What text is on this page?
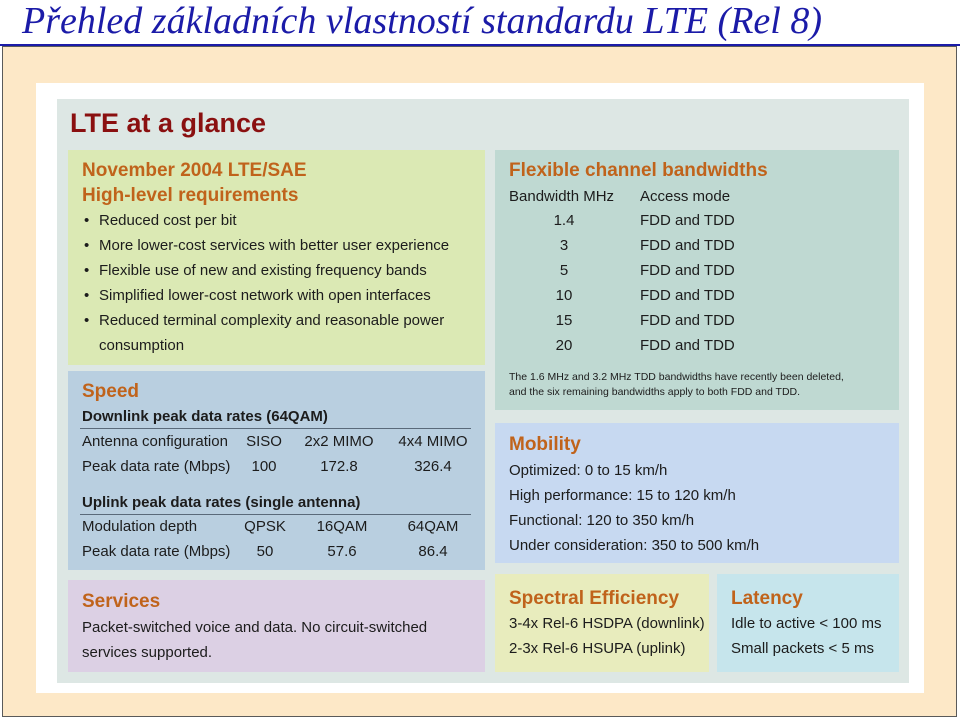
Přehled základních vlastností standardu LTE (Rel 8)
LTE at a glance
November 2004 LTE/SAE
High-level requirements
• Reduced cost per bit
• More lower-cost services with better user experience
• Flexible use of new and existing frequency bands
• Simplified lower-cost network with open interfaces
• Reduced terminal complexity and reasonable power
consumption
Flexible channel bandwidths
Bandwidth MHz Access mode
1.4	FDD and TDD
3	FDD and TDD
5	FDD and TDD
10	FDD and TDD
15	FDD and TDD
20	FDD and TDD
The 1.6 MHz and 3.2 MHz TDD bandwidths have recently been deleted,
and the six remaining bandwidths apply to both FDD and TDD.
Speed
Downlink peak data rates (64QAM)
Antenna configuration SISO	2x2 MIMO	4x4 MIMO
Peak data rate (Mbps)	100	172.8	326.4
Uplink peak data rates (single antenna)
Modulation depth	QPSK	16QAM	64QAM
Peak data rate (Mbps)	50	57.6	86.4
Mobility
Optimized: 0 to 15 km/h
High performance: 15 to 120 km/h
Functional: 120 to 350 km/h
Under consideration: 350 to 500 km/h
Services
Packet-switched voice and data. No circuit-switched
services supported.
Spectral Efficiency
3-4x Rel-6 HSDPA (downlink)
2-3x Rel-6 HSUPA (uplink)
Latency
Idle to active < 100 ms
Small packets < 5 ms
